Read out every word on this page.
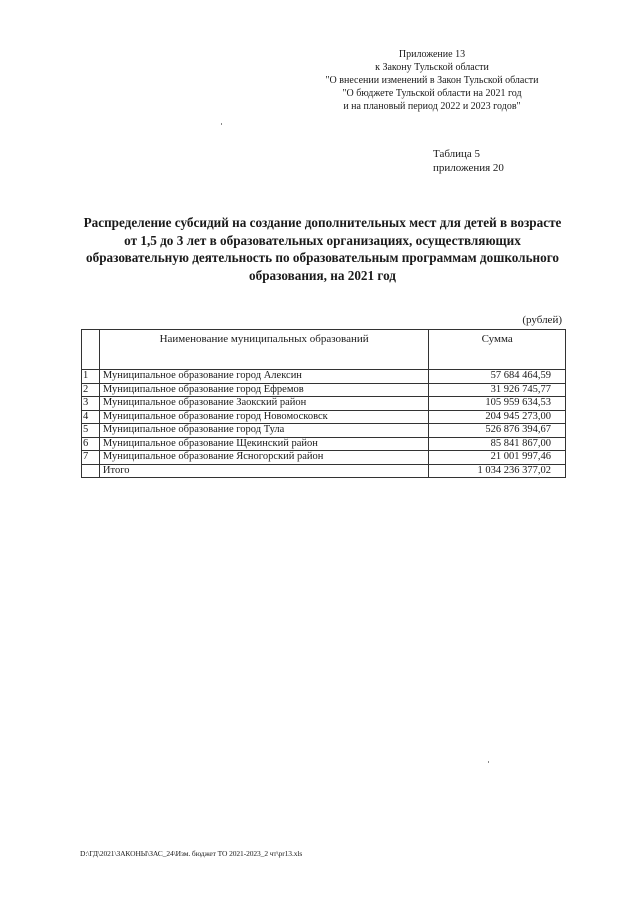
Приложение 13
к Закону Тульской области
"О внесении изменений в Закон Тульской области
"О бюджете Тульской области на 2021 год
и на плановый период 2022 и 2023 годов"
Таблица 5
приложения 20
Распределение субсидий на создание дополнительных мест для детей в возрасте
от 1,5 до 3 лет в образовательных организациях, осуществляющих
образовательную деятельность по образовательным программам дошкольного
образования, на 2021 год
(рублей)
	Наименование муниципальных образований	Сумма
1	Муниципальное образование город Алексин	57 684 464,59
2	Муниципальное образование город Ефремов	31 926 745,77
3	Муниципальное образование Заокский район	105 959 634,53
4	Муниципальное образование город Новомосковск	204 945 273,00
5	Муниципальное образование город Тула	526 876 394,67
6	Муниципальное образование Щекинский район	85 841 867,00
7	Муниципальное образование Ясногорский район	21 001 997,46
	Итого	1 034 236 377,02
D:\ГД\2021\ЗАКОНЫ\ЗАС_24\Изм. бюджет ТО 2021-2023_2 чт\pr13.xls
